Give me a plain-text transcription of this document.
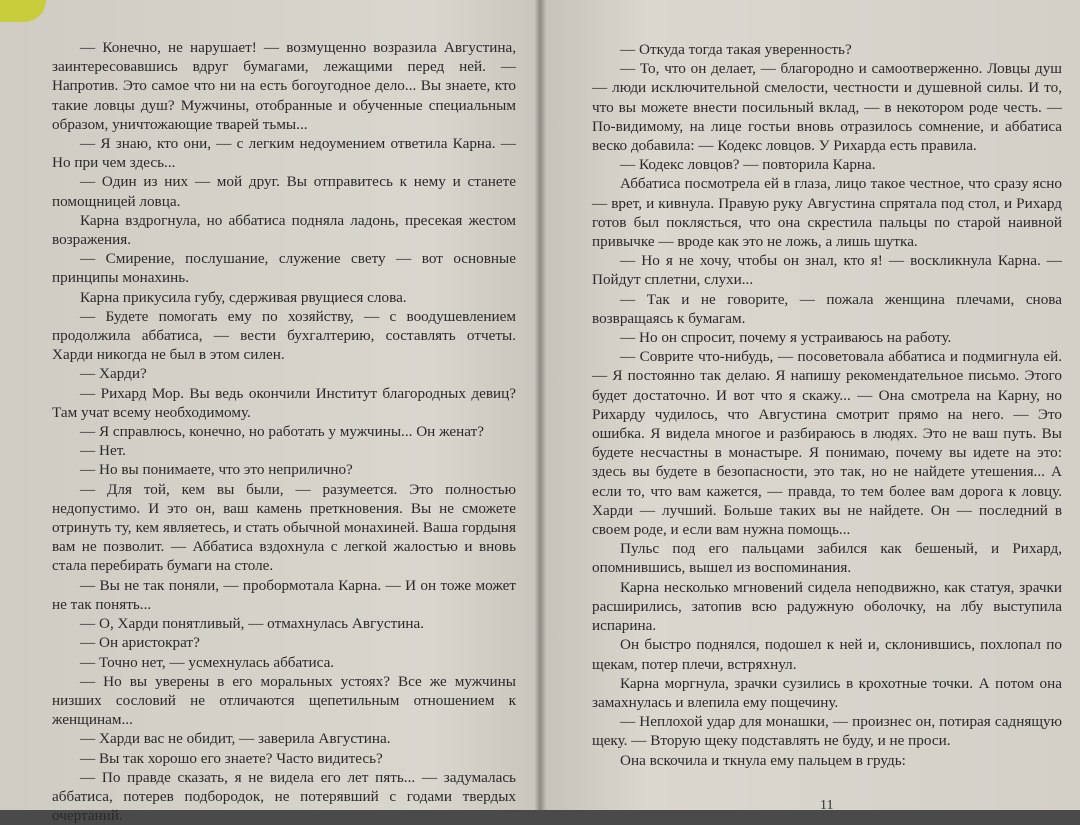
— Конечно, не нарушает! — возмущенно возразила Августина, заинтересовавшись вдруг бумагами, лежащими перед ней. — Напротив. Это самое что ни на есть богоугодное дело... Вы знаете, кто такие ловцы душ? Мужчины, отобранные и обученные специальным образом, уничтожающие тварей тьмы...

— Я знаю, кто они, — с легким недоумением ответила Карна. — Но при чем здесь...

— Один из них — мой друг. Вы отправитесь к нему и станете помощницей ловца.

Карна вздрогнула, но аббатиса подняла ладонь, пресекая жестом возражения.

— Смирение, послушание, служение свету — вот основные принципы монахинь.

Карна прикусила губу, сдерживая рвущиеся слова.

— Будете помогать ему по хозяйству, — с воодушевлением продолжила аббатиса, — вести бухгалтерию, составлять отчеты. Харди никогда не был в этом силен.

— Харди?

— Рихард Мор. Вы ведь окончили Институт благородных девиц? Там учат всему необходимому.

— Я справлюсь, конечно, но работать у мужчины... Он женат?

— Нет.

— Но вы понимаете, что это неприлично?

— Для той, кем вы были, — разумеется. Это полностью недопустимо. И это он, ваш камень преткновения. Вы не сможете отринуть ту, кем являетесь, и стать обычной монахиней. Ваша гордыня вам не позволит. — Аббатиса вздохнула с легкой жалостью и вновь стала перебирать бумаги на столе.

— Вы не так поняли, — пробормотала Карна. — И он тоже может не так понять...

— О, Харди понятливый, — отмахнулась Августина.

— Он аристократ?

— Точно нет, — усмехнулась аббатиса.

— Но вы уверены в его моральных устоях? Все же мужчины низших сословий не отличаются щепетильным отношением к женщинам...

— Харди вас не обидит, — заверила Августина.

— Вы так хорошо его знаете? Часто видитесь?

— По правде сказать, я не видела его лет пять... — задумалась аббатиса, потерев подбородок, не потерявший с годами твердых очертаний.

— Откуда тогда такая уверенность?

— То, что он делает, — благородно и самоотверженно. Ловцы душ — люди исключительной смелости, честности и душевной силы. И то, что вы можете внести посильный вклад, — в некотором роде честь. — По-видимому, на лице гостьи вновь отразилось сомнение, и аббатиса веско добавила: — Кодекс ловцов. У Рихарда есть правила.

— Кодекс ловцов? — повторила Карна.

Аббатиса посмотрела ей в глаза, лицо такое честное, что сразу ясно — врет, и кивнула. Правую руку Августина спрятала под стол, и Рихард готов был поклясться, что она скрестила пальцы по старой наивной привычке — вроде как это не ложь, а лишь шутка.

— Но я не хочу, чтобы он знал, кто я! — воскликнула Карна. — Пойдут сплетни, слухи...

— Так и не говорите, — пожала женщина плечами, снова возвращаясь к бумагам.

— Но он спросит, почему я устраиваюсь на работу.

— Соврите что-нибудь, — посоветовала аббатиса и подмигнула ей. — Я постоянно так делаю. Я напишу рекомендательное письмо. Этого будет достаточно. И вот что я скажу... — Она смотрела на Карну, но Рихарду чудилось, что Августина смотрит прямо на него. — Это ошибка. Я видела многое и разбираюсь в людях. Это не ваш путь. Вы будете несчастны в монастыре. Я понимаю, почему вы идете на это: здесь вы будете в безопасности, это так, но не найдете утешения... А если то, что вам кажется, — правда, то тем более вам дорога к ловцу. Харди — лучший. Больше таких вы не найдете. Он — последний в своем роде, и если вам нужна помощь...

Пульс под его пальцами забился как бешеный, и Рихард, опомнившись, вышел из воспоминания.

Карна несколько мгновений сидела неподвижно, как статуя, зрачки расширились, затопив всю радужную оболочку, на лбу выступила испарина.

Он быстро поднялся, подошел к ней и, склонившись, похлопал по щекам, потер плечи, встряхнул.

Карна моргнула, зрачки сузились в крохотные точки. А потом она замахнулась и влепила ему пощечину.

— Неплохой удар для монашки, — произнес он, потирая саднящую щеку. — Вторую щеку подставлять не буду, и не проси.

Она вскочила и ткнула ему пальцем в грудь:

11
